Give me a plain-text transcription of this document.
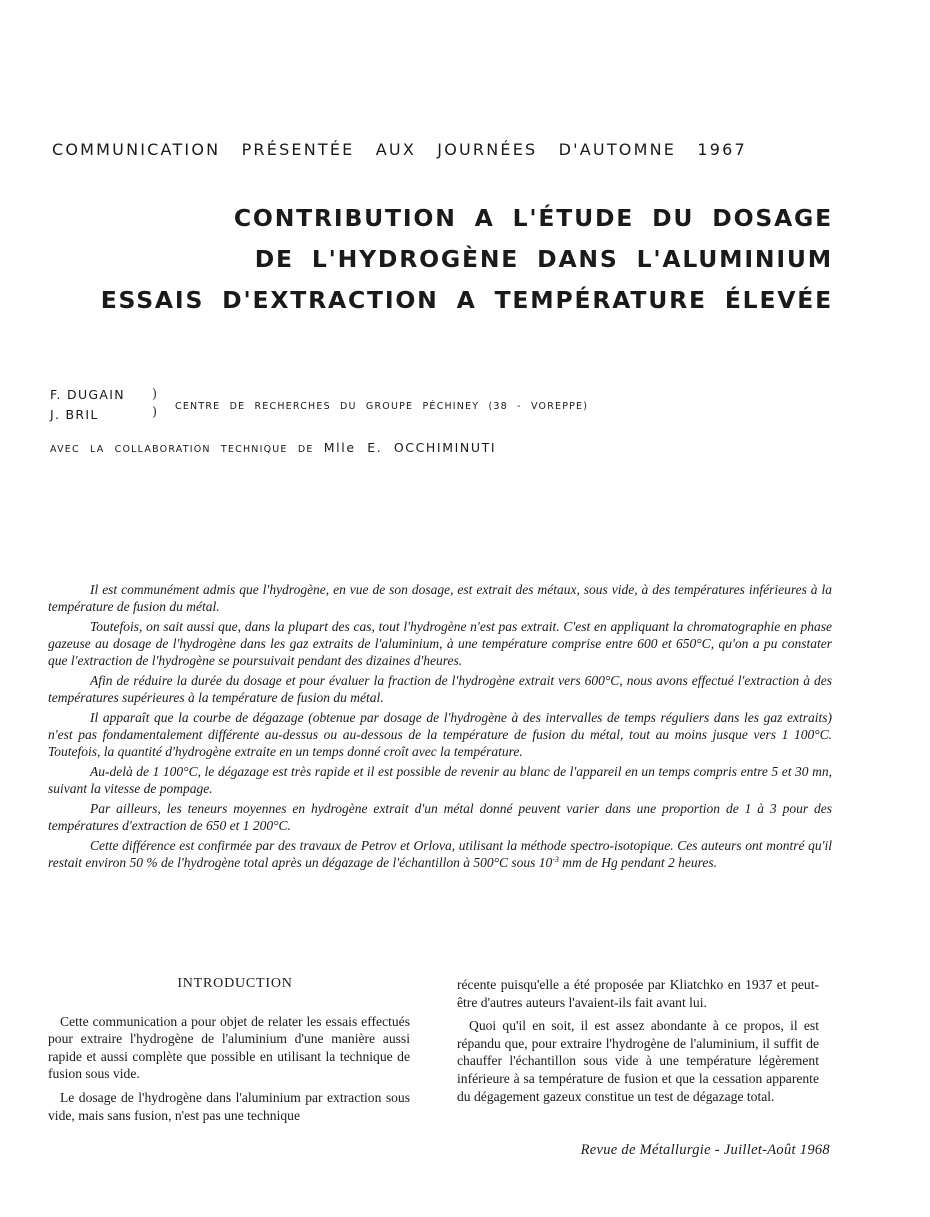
COMMUNICATION PRÉSENTÉE AUX JOURNÉES D'AUTOMNE 1967
CONTRIBUTION A L'ÉTUDE DU DOSAGE
DE L'HYDROGÈNE DANS L'ALUMINIUM
ESSAIS D'EXTRACTION A TEMPÉRATURE ÉLEVÉE
F. DUGAIN
J. BRIL
)
) CENTRE DE RECHERCHES DU GROUPE PÉCHINEY (38 - VOREPPE)
AVEC LA COLLABORATION TECHNIQUE DE Mlle E. OCCHIMINUTI

Il est communément admis que l'hydrogène, en vue de son dosage, est extrait des métaux, sous vide, à des températures inférieures à la température de fusion du métal.

Toutefois, on sait aussi que, dans la plupart des cas, tout l'hydrogène n'est pas extrait. C'est en appliquant la chromatographie en phase gazeuse au dosage de l'hydrogène dans les gaz extraits de l'aluminium, à une température comprise entre 600 et 650°C, qu'on a pu constater que l'extraction de l'hydrogène se poursuivait pendant des dizaines d'heures.

Afin de réduire la durée du dosage et pour évaluer la fraction de l'hydrogène extrait vers 600°C, nous avons effectué l'extraction à des températures supérieures à la température de fusion du métal.

Il apparaît que la courbe de dégazage (obtenue par dosage de l'hydrogène à des intervalles de temps réguliers dans les gaz extraits) n'est pas fondamentalement différente au-dessus ou au-dessous de la température de fusion du métal, tout au moins jusque vers 1 100°C. Toutefois, la quantité d'hydrogène extraite en un temps donné croît avec la température.

Au-delà de 1 100°C, le dégazage est très rapide et il est possible de revenir au blanc de l'appareil en un temps compris entre 5 et 30 mn, suivant la vitesse de pompage.

Par ailleurs, les teneurs moyennes en hydrogène extrait d'un métal donné peuvent varier dans une proportion de 1 à 3 pour des températures d'extraction de 650 et 1 200°C.

Cette différence est confirmée par des travaux de Petrov et Orlova, utilisant la méthode spectro-isotopique. Ces auteurs ont montré qu'il restait environ 50 % de l'hydrogène total après un dégazage de l'échantillon à 500°C sous $10^{-3}$ mm de Hg pendant 2 heures.

INTRODUCTION

Cette communication a pour objet de relater les essais effectués pour extraire l'hydrogène de l'aluminium d'une manière aussi rapide et aussi complète que possible en utilisant la technique de fusion sous vide.

Le dosage de l'hydrogène dans l'aluminium par extraction sous vide, mais sans fusion, n'est pas une technique

récente puisqu'elle a été proposée par Kliatchko en 1937 et peut-être d'autres auteurs l'avaient-ils fait avant lui.

Quoi qu'il en soit, il est assez abondante à ce propos, il est répandu que, pour extraire l'hydrogène de l'aluminium, il suffit de chauffer l'échantillon sous vide à une température légèrement inférieure à sa température de fusion et que la cessation apparente du dégagement gazeux constitue un test de dégazage total.

Revue de Métallurgie - Juillet-Août 1968
